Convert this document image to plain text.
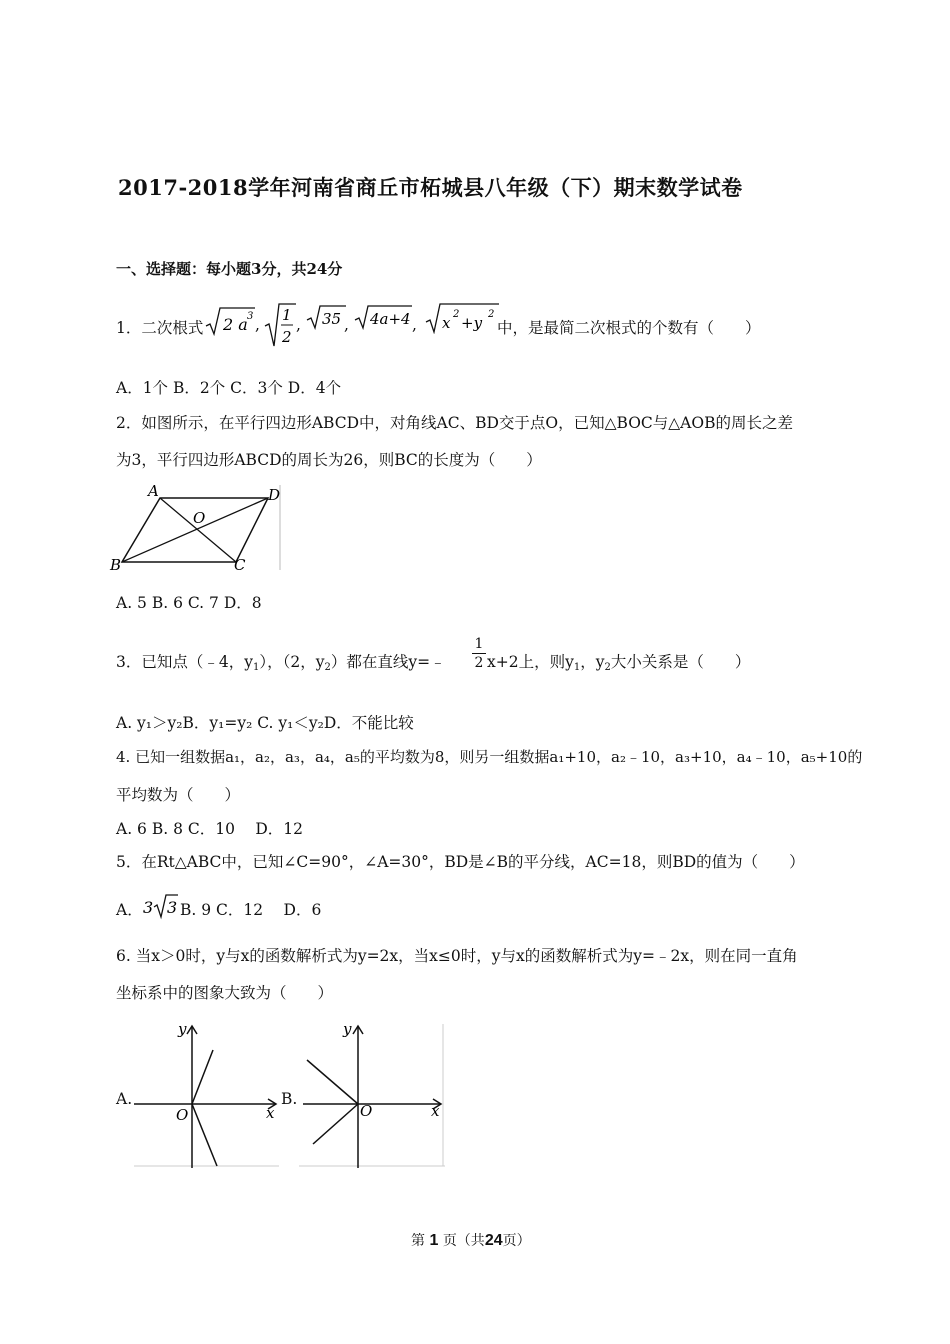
2017-2018学年河南省商丘市柘城县八年级（下）期末数学试卷
一、选择题：每小题3分，共24分
1．二次根式 2 a 3 ,
1
2
, 35 , 4a+4 , x 2 +y 2
中，是最简二次根式的个数有（　　）
A．1个 B．2个 C．3个 D．4个
2．如图所示，在平行四边形ABCD中，对角线AC、BD交于点O，已知△BOC与△AOB的周长之差
为3，平行四边形ABCD的周长为26，则BC的长度为（　　）
A	D
O
B	C
A. 5 B. 6 C. 7 D．8
3．已知点（﹣4，$y_1$），（2，$y_2$）都在直线y=﹣
1
2 x+2上，则$y_1$，$y_2$大小关系是（　　）
A. y₁＞y₂B．y₁=y₂ C. y₁＜y₂D．不能比较
4. 已知一组数据a₁，a₂，a₃，a₄，a₅的平均数为8，则另一组数据a₁+10，a₂﹣10，a₃+10，a₄﹣10，a₅+10的
平均数为（　　）
A. 6 B. 8 C．10　 D．12
5．在Rt△ABC中，已知∠C=90°，∠A=30°，BD是∠B的平分线，AC=18，则BD的值为（　　）
A． 3 3 B. 9 C．12　 D．6
6. 当x＞0时，y与x的函数解析式为y=2x，当x≤0时，y与x的函数解析式为y=﹣2x，则在同一直角
坐标系中的图象大致为（　　）
A.
y
x
O
B.
y
x
O
第 1 页（共24页）
